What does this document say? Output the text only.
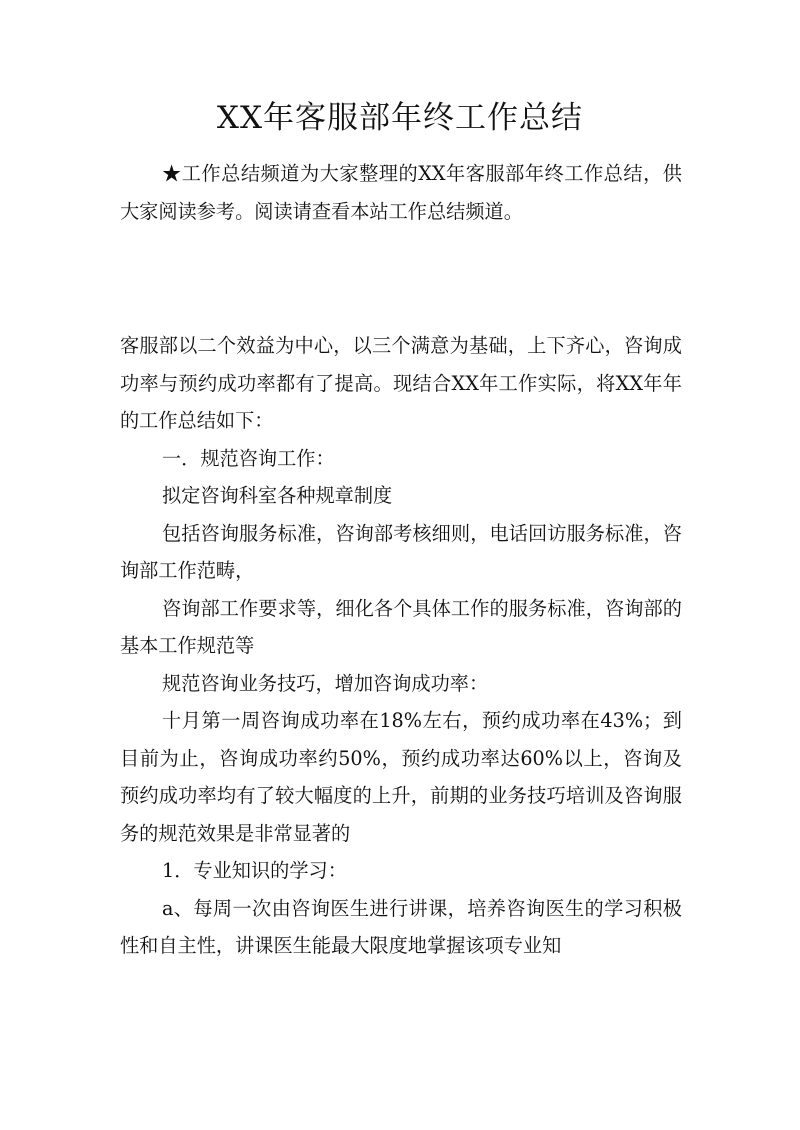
XX年客服部年终工作总结

★工作总结频道为大家整理的XX年客服部年终工作总结，供大家阅读参考。阅读请查看本站工作总结频道。

客服部以二个效益为中心，以三个满意为基础，上下齐心，咨询成功率与预约成功率都有了提高。现结合XX年工作实际，将XX年年的工作总结如下：

一．规范咨询工作：

拟定咨询科室各种规章制度

包括咨询服务标准，咨询部考核细则，电话回访服务标准，咨询部工作范畴，

咨询部工作要求等，细化各个具体工作的服务标准，咨询部的基本工作规范等

规范咨询业务技巧，增加咨询成功率：

十月第一周咨询成功率在18%左右，预约成功率在43%；到目前为止，咨询成功率约50%，预约成功率达60%以上，咨询及预约成功率均有了较大幅度的上升，前期的业务技巧培训及咨询服务的规范效果是非常显著的

1．专业知识的学习：

a、每周一次由咨询医生进行讲课，培养咨询医生的学习积极性和自主性，讲课医生能最大限度地掌握该项专业知
